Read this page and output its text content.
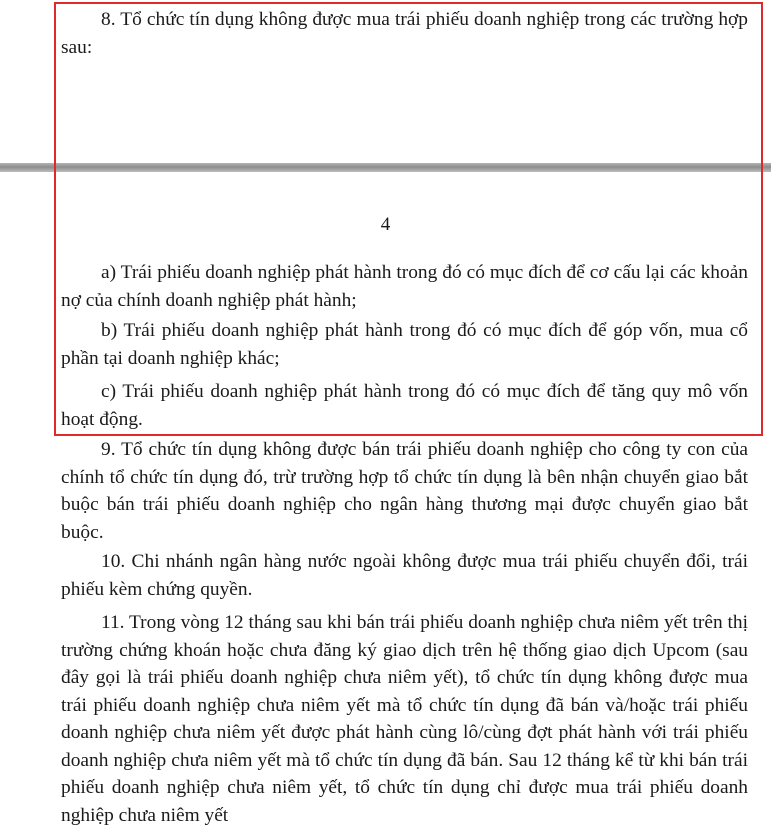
8. Tổ chức tín dụng không được mua trái phiếu doanh nghiệp trong các trường hợp sau:

4

a) Trái phiếu doanh nghiệp phát hành trong đó có mục đích để cơ cấu lại các khoản nợ của chính doanh nghiệp phát hành;

b) Trái phiếu doanh nghiệp phát hành trong đó có mục đích để góp vốn, mua cổ phần tại doanh nghiệp khác;

c) Trái phiếu doanh nghiệp phát hành trong đó có mục đích để tăng quy mô vốn hoạt động.

9. Tổ chức tín dụng không được bán trái phiếu doanh nghiệp cho công ty con của chính tổ chức tín dụng đó, trừ trường hợp tổ chức tín dụng là bên nhận chuyển giao bắt buộc bán trái phiếu doanh nghiệp cho ngân hàng thương mại được chuyển giao bắt buộc.

10. Chi nhánh ngân hàng nước ngoài không được mua trái phiếu chuyển đổi, trái phiếu kèm chứng quyền.

11. Trong vòng 12 tháng sau khi bán trái phiếu doanh nghiệp chưa niêm yết trên thị trường chứng khoán hoặc chưa đăng ký giao dịch trên hệ thống giao dịch Upcom (sau đây gọi là trái phiếu doanh nghiệp chưa niêm yết), tổ chức tín dụng không được mua trái phiếu doanh nghiệp chưa niêm yết mà tổ chức tín dụng đã bán và/hoặc trái phiếu doanh nghiệp chưa niêm yết được phát hành cùng lô/cùng đợt phát hành với trái phiếu doanh nghiệp chưa niêm yết mà tổ chức tín dụng đã bán. Sau 12 tháng kể từ khi bán trái phiếu doanh nghiệp chưa niêm yết, tổ chức tín dụng chỉ được mua trái phiếu doanh nghiệp chưa niêm yết
